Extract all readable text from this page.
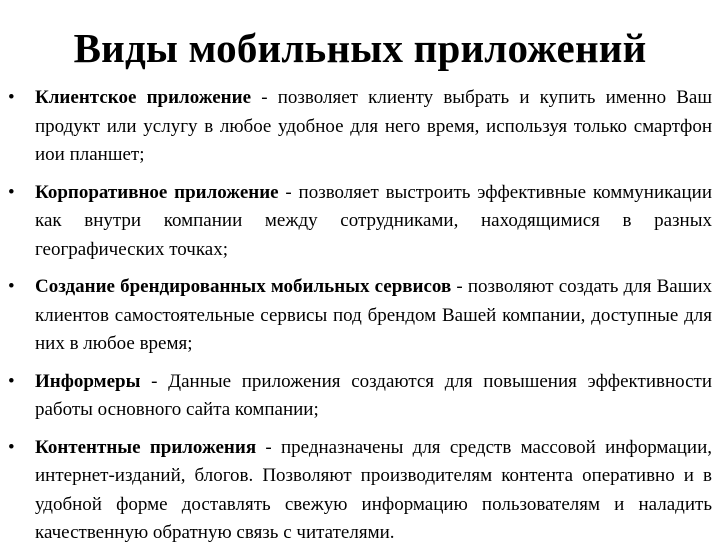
Виды мобильных приложений
•	Клиентское приложение - позволяет клиенту выбрать и купить именно Ваш продукт или услугу в любое удобное для него время, используя только смартфон иои планшет;
•	Корпоративное приложение - позволяет выстроить эффективные коммуникации как внутри компании между сотрудниками, находящимися в разных географических точках;
•	Создание брендированных мобильных сервисов - позволяют создать для Ваших клиентов самостоятельные сервисы под брендом Вашей компании, доступные для них в любое время;
•	Информеры - Данные приложения создаются для повышения эффективности работы основного сайта компании;
•	Контентные приложения - предназначены для средств массовой информации, интернет-изданий, блогов. Позволяют производителям контента оперативно и в удобной форме доставлять свежую информацию пользователям и наладить качественную обратную связь с читателями.
